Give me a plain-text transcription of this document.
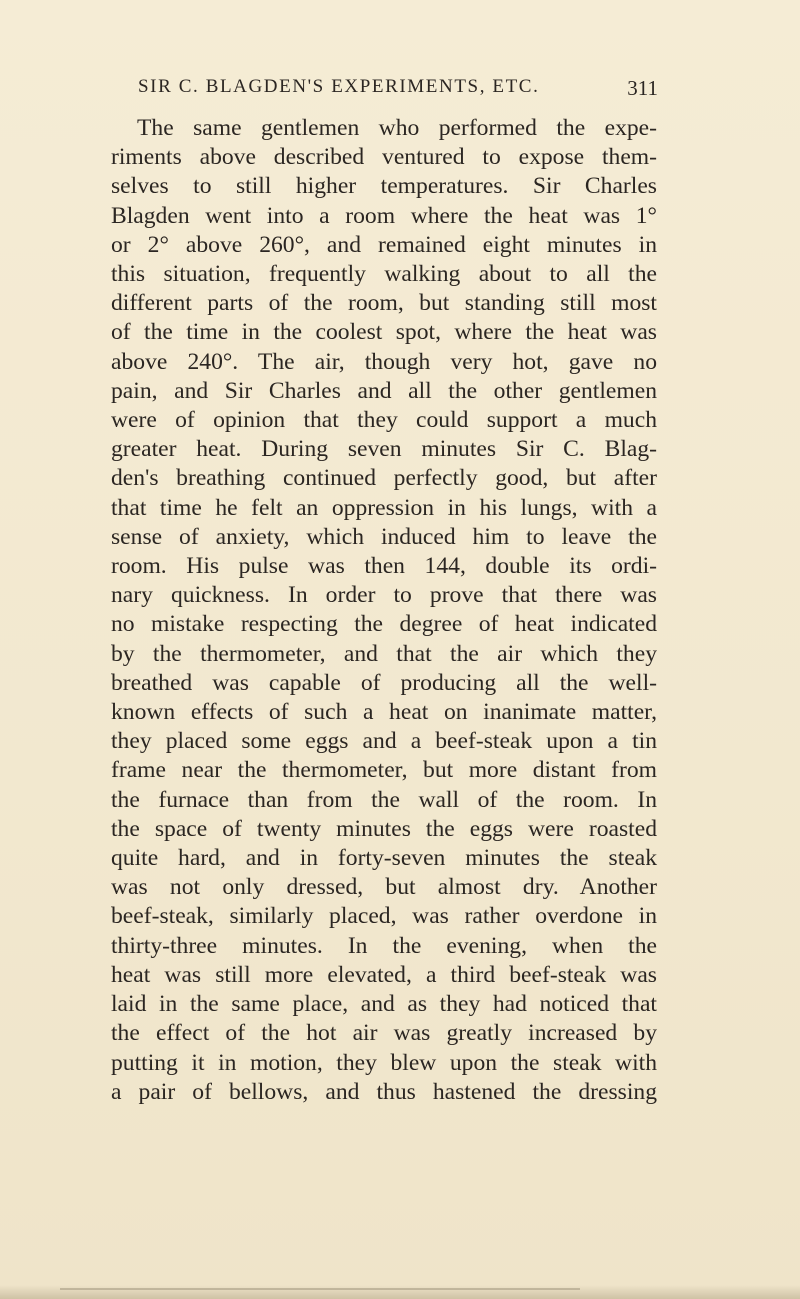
SIR C. BLAGDEN'S EXPERIMENTS, ETC.	311
The same gentlemen who performed the expe-
riments above described ventured to expose them-
selves to still higher temperatures. Sir Charles
Blagden went into a room where the heat was 1°
or 2° above 260°, and remained eight minutes in
this situation, frequently walking about to all the
different parts of the room, but standing still most
of the time in the coolest spot, where the heat was
above 240°. The air, though very hot, gave no
pain, and Sir Charles and all the other gentlemen
were of opinion that they could support a much
greater heat. During seven minutes Sir C. Blag-
den's breathing continued perfectly good, but after
that time he felt an oppression in his lungs, with a
sense of anxiety, which induced him to leave the
room. His pulse was then 144, double its ordi-
nary quickness. In order to prove that there was
no mistake respecting the degree of heat indicated
by the thermometer, and that the air which they
breathed was capable of producing all the well-
known effects of such a heat on inanimate matter,
they placed some eggs and a beef-steak upon a tin
frame near the thermometer, but more distant from
the furnace than from the wall of the room. In
the space of twenty minutes the eggs were roasted
quite hard, and in forty-seven minutes the steak
was not only dressed, but almost dry. Another
beef-steak, similarly placed, was rather overdone in
thirty-three minutes. In the evening, when the
heat was still more elevated, a third beef-steak was
laid in the same place, and as they had noticed that
the effect of the hot air was greatly increased by
putting it in motion, they blew upon the steak with
a pair of bellows, and thus hastened the dressing
